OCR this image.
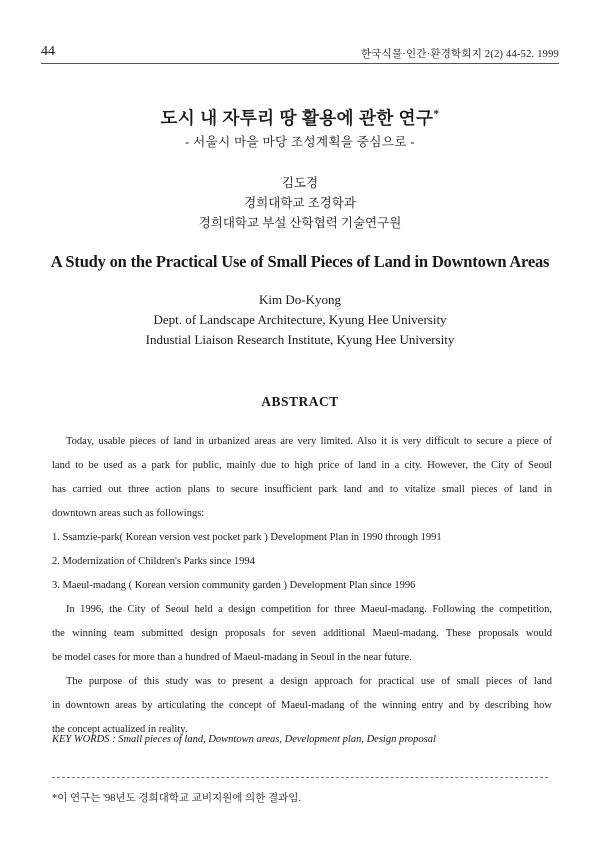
44	한국식물·인간·환경학회지 2(2) 44-52. 1999
도시 내 자투리 땅 활용에 관한 연구*
- 서울시 마을 마당 조성계획을 중심으로 -
김도경
경희대학교 조경학과
경희대학교 부설 산학협력 기술연구원
A Study on the Practical Use of Small Pieces of Land in Downtown Areas
Kim Do-Kyong
Dept. of Landscape Architecture, Kyung Hee University
Industial Liaison Research Institute, Kyung Hee University
ABSTRACT
Today, usable pieces of land in urbanized areas are very limited. Also it is very difficult to secure a piece of
land to be used as a park for public, mainly due to high price of land in a city. However, the City of Seoul
has carried out three action plans to secure insufficient park land and to vitalize small pieces of land in
downtown areas such as followings:
1. Ssamzie-park( Korean version vest pocket park ) Development Plan in 1990 through 1991
2. Modernization of Children's Parks since 1994
3. Maeul-madang ( Korean version community garden ) Development Plan since 1996
In 1996, the City of Seoul held a design competition for three Maeul-madang. Following the competition,
the winning team submitted design proposals for seven additional Maeul-madang. These proposals would
be model cases for more than a hundred of Maeul-madang in Seoul in the near future.
The purpose of this study was to present a design approach for practical use of small pieces of land
in downtown areas by articulating the concept of Maeul-madang of the winning entry and by describing how
the concept actualized in reality.
KEY WORDS : Small pieces of land, Downtown areas, Development plan, Design proposal
*이 연구는 '98년도 경희대학교 교비지원에 의한 결과임.
